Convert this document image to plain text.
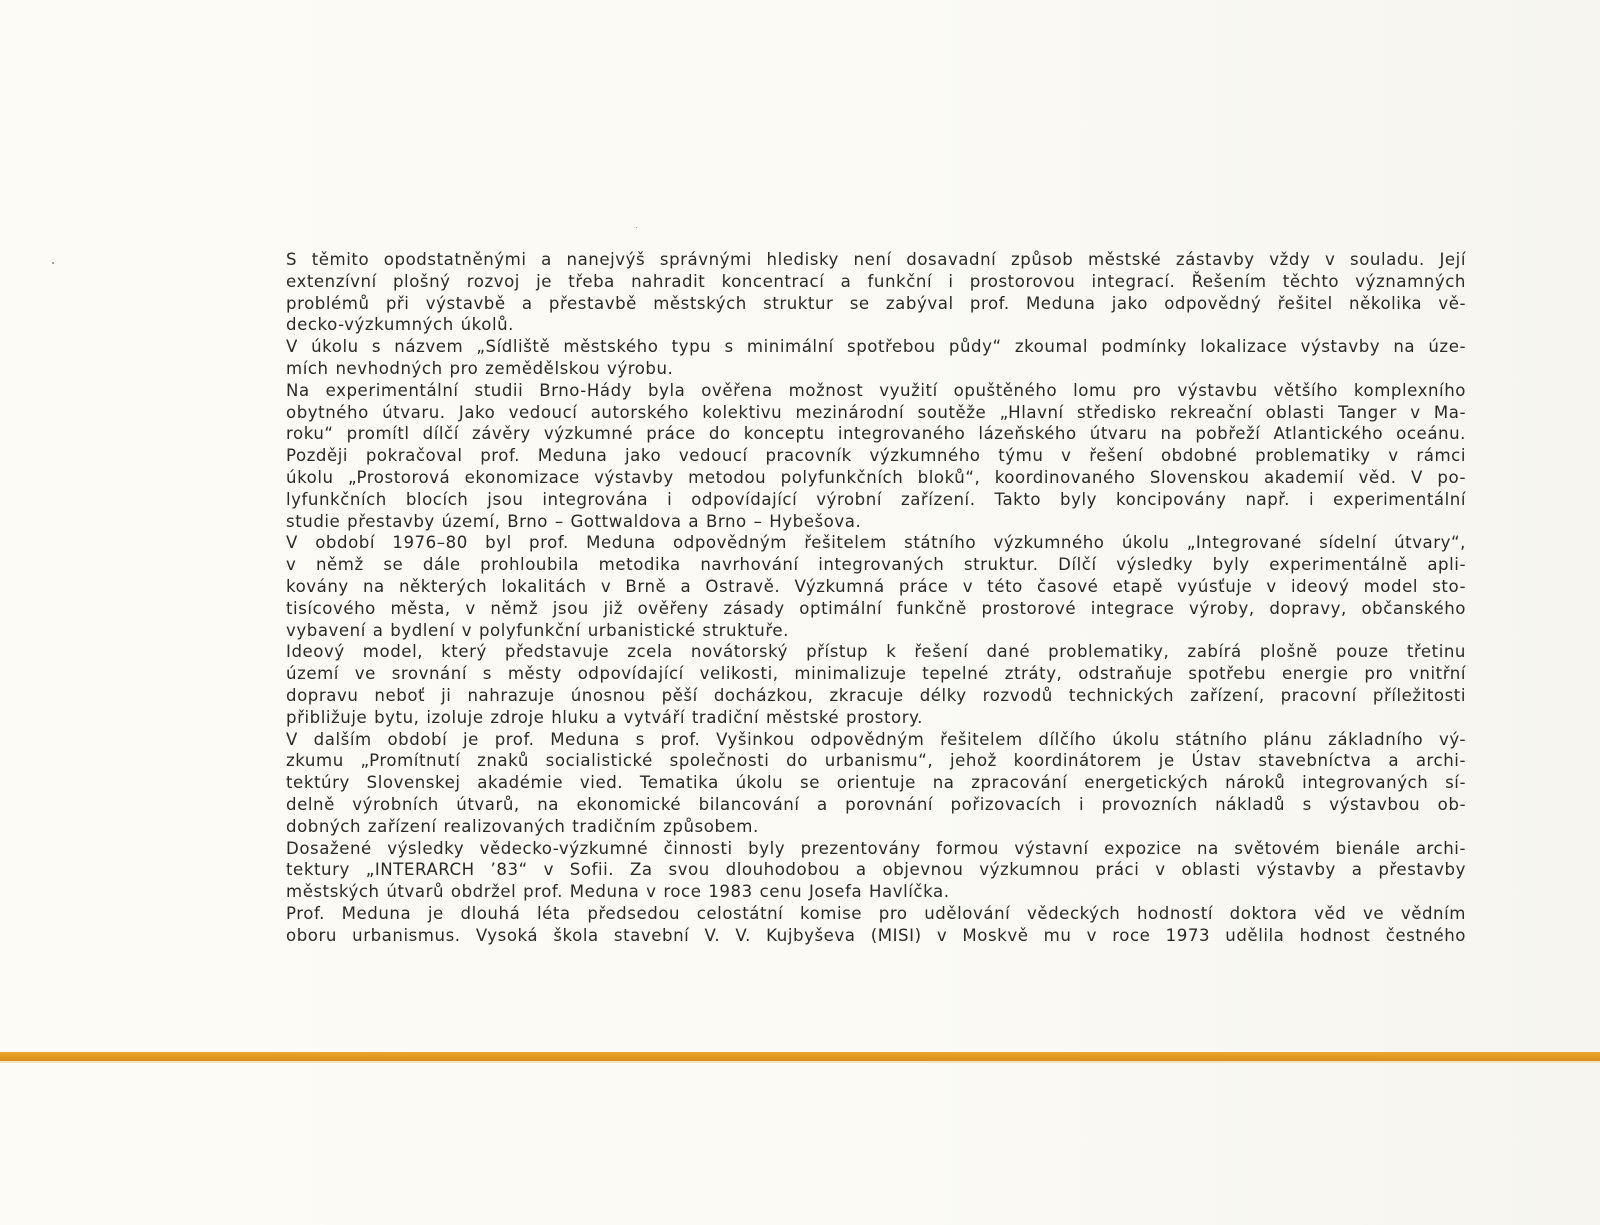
S těmito opodstatněnými a nanejvýš správnými hledisky není dosavadní způsob městské zástavby vždy v souladu. Její
extenzívní plošný rozvoj je třeba nahradit koncentrací a funkční i prostorovou integrací. Řešením těchto významných
problémů při výstavbě a přestavbě městských struktur se zabýval prof. Meduna jako odpovědný řešitel několika vě-
decko-výzkumných úkolů.
V úkolu s názvem „Sídliště městského typu s minimální spotřebou půdy“ zkoumal podmínky lokalizace výstavby na úze-
mích nevhodných pro zemědělskou výrobu.
Na experimentální studii Brno-Hády byla ověřena možnost využití opuštěného lomu pro výstavbu většího komplexního
obytného útvaru. Jako vedoucí autorského kolektivu mezinárodní soutěže „Hlavní středisko rekreační oblasti Tanger v Ma-
roku“ promítl dílčí závěry výzkumné práce do konceptu integrovaného lázeňského útvaru na pobřeží Atlantického oceánu.
Později pokračoval prof. Meduna jako vedoucí pracovník výzkumného týmu v řešení obdobné problematiky v rámci
úkolu „Prostorová ekonomizace výstavby metodou polyfunkčních bloků“, koordinovaného Slovenskou akademií věd. V po-
lyfunkčních blocích jsou integrována i odpovídající výrobní zařízení. Takto byly koncipovány např. i experimentální
studie přestavby území, Brno – Gottwaldova a Brno – Hybešova.
V období 1976–80 byl prof. Meduna odpovědným řešitelem státního výzkumného úkolu „Integrované sídelní útvary“,
v němž se dále prohloubila metodika navrhování integrovaných struktur. Dílčí výsledky byly experimentálně apli-
kovány na některých lokalitách v Brně a Ostravě. Výzkumná práce v této časové etapě vyúsťuje v ideový model sto-
tisícového města, v němž jsou již ověřeny zásady optimální funkčně prostorové integrace výroby, dopravy, občanského
vybavení a bydlení v polyfunkční urbanistické struktuře.
Ideový model, který představuje zcela novátorský přístup k řešení dané problematiky, zabírá plošně pouze třetinu
území ve srovnání s městy odpovídající velikosti, minimalizuje tepelné ztráty, odstraňuje spotřebu energie pro vnitřní
dopravu neboť ji nahrazuje únosnou pěší docházkou, zkracuje délky rozvodů technických zařízení, pracovní příležitosti
přibližuje bytu, izoluje zdroje hluku a vytváří tradiční městské prostory.
V dalším období je prof. Meduna s prof. Vyšinkou odpovědným řešitelem dílčího úkolu státního plánu základního vý-
zkumu „Promítnutí znaků socialistické společnosti do urbanismu“, jehož koordinátorem je Ústav stavebníctva a archi-
tektúry Slovenskej akadémie vied. Tematika úkolu se orientuje na zpracování energetických nároků integrovaných sí-
delně výrobních útvarů, na ekonomické bilancování a porovnání pořizovacích i provozních nákladů s výstavbou ob-
dobných zařízení realizovaných tradičním způsobem.
Dosažené výsledky vědecko-výzkumné činnosti byly prezentovány formou výstavní expozice na světovém bienále archi-
tektury „INTERARCH ’83“ v Sofii. Za svou dlouhodobou a objevnou výzkumnou práci v oblasti výstavby a přestavby
městských útvarů obdržel prof. Meduna v roce 1983 cenu Josefa Havlíčka.
Prof. Meduna je dlouhá léta předsedou celostátní komise pro udělování vědeckých hodností doktora věd ve vědním
oboru urbanismus. Vysoká škola stavební V. V. Kujbyševa (MISI) v Moskvě mu v roce 1973 udělila hodnost čestného
